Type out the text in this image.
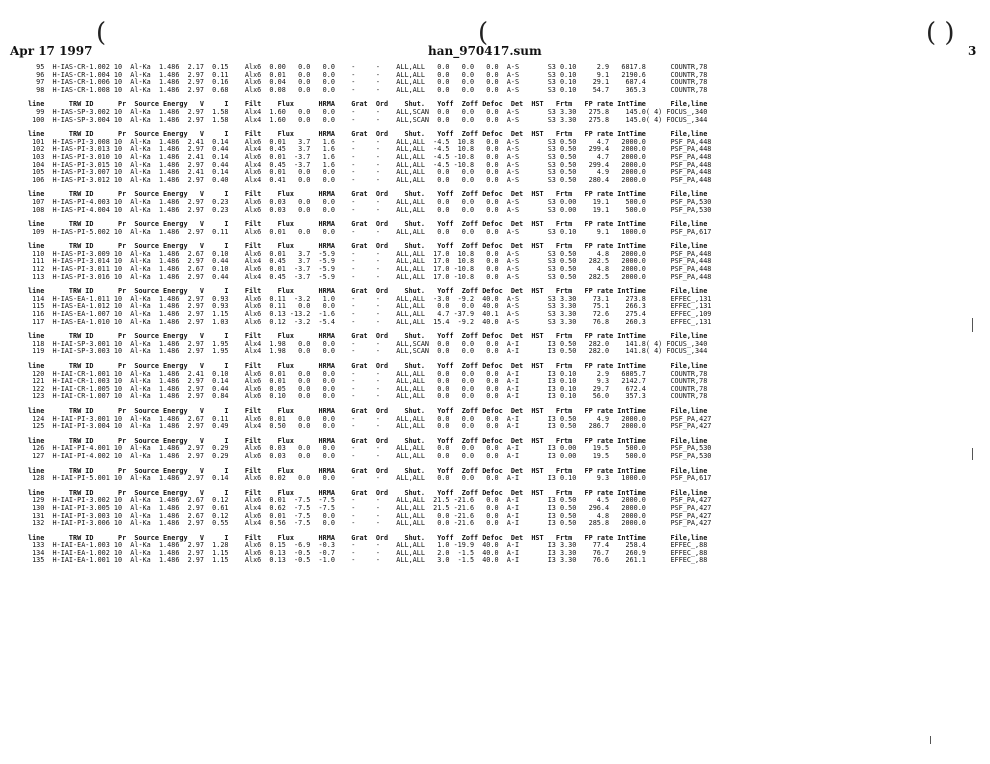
(	(	( )
Apr 17 1997	han_970417.sum	3
95  H-IAS-CR-1.002 10  Al-Ka  1.486  2.17  0.15    Alx6  0.00   0.0   0.0    -     -    ALL,ALL   0.0   0.0   0.0  A-S       S3 0.10     2.9   6817.8      COUNTR,78
96  H-IAS-CR-1.004 10  Al-Ka  1.486  2.97  0.11    Alx6  0.01   0.0   0.0    -     -    ALL,ALL   0.0   0.0   0.0  A-S       S3 0.10     9.1   2190.6      COUNTR,78
97  H-IAS-CR-1.006 10  Al-Ka  1.486  2.97  0.16    Alx6  0.04   0.0   0.0    -     -    ALL,ALL   0.0   0.0   0.0  A-S       S3 0.10    29.1    687.4      COUNTR,78
98  H-IAS-CR-1.008 10  Al-Ka  1.486  2.97  0.68    Alx6  0.08   0.0   0.0    -     -    ALL,ALL   0.0   0.0   0.0  A-S       S3 0.10    54.7    365.3      COUNTR,78
line      TRW ID      Pr  Source Energy   V     I    Filt    Flux      HRMA    Grat  Ord    Shut.   Yoff  Zoff Defoc  Det  HST   Frtm   FP rate IntTime      File,line
99  H-IAS-SP-3.002 10  Al-Ka  1.486  2.97  1.58    Alx4  1.60   0.0   0.0    -     -    ALL,SCAN  0.0   0.0   0.0  A-S       S3 3.30   275.8    145.0( 4) FOCUS_,340
100  H-IAS-SP-3.004 10  Al-Ka  1.486  2.97  1.58    Alx4  1.60   0.0   0.0    -     -    ALL,SCAN  0.0   0.0   0.0  A-S       S3 3.30   275.8    145.0( 4) FOCUS_,344
line      TRW ID      Pr  Source Energy   V     I    Filt    Flux      HRMA    Grat  Ord    Shut.   Yoff  Zoff Defoc  Det  HST   Frtm   FP rate IntTime      File,line
101  H-IAS-PI-3.008 10  Al-Ka  1.486  2.41  0.14    Alx6  0.01   3.7   1.6    -     -    ALL,ALL  -4.5  10.8   0.0  A-S       S3 0.50     4.7   2000.0      PSF_PA,448
102  H-IAS-PI-3.013 10  Al-Ka  1.486  2.97  0.44    Alx4  0.45   3.7   1.6    -     -    ALL,ALL  -4.5  10.8   0.0  A-S       S3 0.50   299.4   2000.0      PSF_PA,448
103  H-IAS-PI-3.010 10  Al-Ka  1.486  2.41  0.14    Alx6  0.01  -3.7   1.6    -     -    ALL,ALL  -4.5 -10.8   0.0  A-S       S3 0.50     4.7   2000.0      PSF_PA,448
104  H-IAS-PI-3.015 10  Al-Ka  1.486  2.97  0.44    Alx4  0.45  -3.7   1.6    -     -    ALL,ALL  -4.5 -10.8   0.0  A-S       S3 0.50   299.4   2000.0      PSF_PA,448
105  H-IAS-PI-3.007 10  Al-Ka  1.486  2.41  0.14    Alx6  0.01   0.0   0.0    -     -    ALL,ALL   0.0   0.0   0.0  A-S       S3 0.50     4.9   2000.0      PSF_PA,448
106  H-IAS-PI-3.012 10  Al-Ka  1.486  2.97  0.40    Alx4  0.41   0.0   0.0    -     -    ALL,ALL   0.0   0.0   0.0  A-S       S3 0.50   280.4   2000.0      PSF_PA,448
line      TRW ID      Pr  Source Energy   V     I    Filt    Flux      HRMA    Grat  Ord    Shut.   Yoff  Zoff Defoc  Det  HST   Frtm   FP rate IntTime      File,line
107  H-IAS-PI-4.003 10  Al-Ka  1.486  2.97  0.23    Alx6  0.03   0.0   0.0    -     -    ALL,ALL   0.0   0.0   0.0  A-S       S3 0.00    19.1    500.0      PSF_PA,530
108  H-IAS-PI-4.004 10  Al-Ka  1.486  2.97  0.23    Alx6  0.03   0.0   0.0    -     -    ALL,ALL   0.0   0.0   0.0  A-S       S3 0.00    19.1    500.0      PSF_PA,530
line      TRW ID      Pr  Source Energy   V     I    Filt    Flux      HRMA    Grat  Ord    Shut.   Yoff  Zoff Defoc  Det  HST   Frtm   FP rate IntTime      File,line
109  H-IAS-PI-5.002 10  Al-Ka  1.486  2.97  0.11    Alx6  0.01   0.0   0.0    -     -    ALL,ALL   0.0   0.0   0.0  A-S       S3 0.10     9.1   1000.0      PSF_PA,617
line      TRW ID      Pr  Source Energy   V     I    Filt    Flux      HRMA    Grat  Ord    Shut.   Yoff  Zoff Defoc  Det  HST   Frtm   FP rate IntTime      File,line
110  H-IAS-PI-3.009 10  Al-Ka  1.486  2.67  0.10    Alx6  0.01   3.7  -5.9    -     -    ALL,ALL  17.0  10.8   0.0  A-S       S3 0.50     4.8   2000.0      PSF_PA,448
111  H-IAS-PI-3.014 10  Al-Ka  1.486  2.97  0.44    Alx4  0.45   3.7  -5.9    -     -    ALL,ALL  17.0  10.8   0.0  A-S       S3 0.50   282.5   2000.0      PSF_PA,448
112  H-IAS-PI-3.011 10  Al-Ka  1.486  2.67  0.10    Alx6  0.01  -3.7  -5.9    -     -    ALL,ALL  17.0 -10.8   0.0  A-S       S3 0.50     4.8   2000.0      PSF_PA,448
113  H-IAS-PI-3.016 10  Al-Ka  1.486  2.97  0.44    Alx4  0.45  -3.7  -5.9    -     -    ALL,ALL  17.0 -10.8   0.0  A-S       S3 0.50   282.5   2000.0      PSF_PA,448
line      TRW ID      Pr  Source Energy   V     I    Filt    Flux      HRMA    Grat  Ord    Shut.   Yoff  Zoff Defoc  Det  HST   Frtm   FP rate IntTime      File,line
114  H-IAS-EA-1.011 10  Al-Ka  1.486  2.97  0.93    Alx6  0.11  -3.2   1.0    -     -    ALL,ALL  -3.0  -9.2  40.0  A-S       S3 3.30    73.1    273.8      EFFEC_,131
115  H-IAS-EA-1.012 10  Al-Ka  1.486  2.97  0.93    Alx6  0.11   0.0   0.0    -     -    ALL,ALL   0.0   0.0  40.0  A-S       S3 3.30    75.1    266.3      EFFEC_,131
116  H-IAS-EA-1.007 10  Al-Ka  1.486  2.97  1.15    Alx6  0.13 -13.2  -1.6    -     -    ALL,ALL   4.7 -37.9  40.1  A-S       S3 3.30    72.6    275.4      EFFEC_,109
117  H-IAS-EA-1.010 10  Al-Ka  1.486  2.97  1.03    Alx6  0.12  -3.2  -5.4    -     -    ALL,ALL  15.4  -9.2  40.0  A-S       S3 3.30    76.8    260.3      EFFEC_,131
line      TRW ID      Pr  Source Energy   V     I    Filt    Flux      HRMA    Grat  Ord    Shut.   Yoff  Zoff Defoc  Det  HST   Frtm   FP rate IntTime      File,line
118  H-IAI-SP-3.001 10  Al-Ka  1.486  2.97  1.95    Alx4  1.98   0.0   0.0    -     -    ALL,SCAN  0.0   0.0   0.0  A-I       I3 0.50   282.0    141.8( 4) FOCUS_,340
119  H-IAI-SP-3.003 10  Al-Ka  1.486  2.97  1.95    Alx4  1.98   0.0   0.0    -     -    ALL,SCAN  0.0   0.0   0.0  A-I       I3 0.50   282.0    141.8( 4) FOCUS_,344
line      TRW ID      Pr  Source Energy   V     I    Filt    Flux      HRMA    Grat  Ord    Shut.   Yoff  Zoff Defoc  Det  HST   Frtm   FP rate IntTime      File,line
120  H-IAI-CR-1.001 10  Al-Ka  1.486  2.41  0.10    Alx6  0.01   0.0   0.0    -     -    ALL,ALL   0.0   0.0   0.0  A-I       I3 0.10     2.9   6805.7      COUNTR,78
121  H-IAI-CR-1.003 10  Al-Ka  1.486  2.97  0.14    Alx6  0.01   0.0   0.0    -     -    ALL,ALL   0.0   0.0   0.0  A-I       I3 0.10     9.3   2142.7      COUNTR,78
122  H-IAI-CR-1.005 10  Al-Ka  1.486  2.97  0.44    Alx6  0.05   0.0   0.0    -     -    ALL,ALL   0.0   0.0   0.0  A-I       I3 0.10    29.7    672.4      COUNTR,78
123  H-IAI-CR-1.007 10  Al-Ka  1.486  2.97  0.84    Alx6  0.10   0.0   0.0    -     -    ALL,ALL   0.0   0.0   0.0  A-I       I3 0.10    56.0    357.3      COUNTR,78
line      TRW ID      Pr  Source Energy   V     I    Filt    Flux      HRMA    Grat  Ord    Shut.   Yoff  Zoff Defoc  Det  HST   Frtm   FP rate IntTime      File,line
124  H-IAI-PI-3.001 10  Al-Ka  1.486  2.67  0.11    Alx6  0.01   0.0   0.0    -     -    ALL,ALL   0.0   0.0   0.0  A-I       I3 0.50     4.9   2000.0      PSF_PA,427
125  H-IAI-PI-3.004 10  Al-Ka  1.486  2.97  0.49    Alx4  0.50   0.0   0.0    -     -    ALL,ALL   0.0   0.0   0.0  A-I       I3 0.50   286.7   2000.0      PSF_PA,427
line      TRW ID      Pr  Source Energy   V     I    Filt    Flux      HRMA    Grat  Ord    Shut.   Yoff  Zoff Defoc  Det  HST   Frtm   FP rate IntTime      File,line
126  H-IAI-PI-4.001 10  Al-Ka  1.486  2.97  0.29    Alx6  0.03   0.0   0.0    -     -    ALL,ALL   0.0   0.0   0.0  A-I       I3 0.00    19.5    500.0      PSF_PA,530
127  H-IAI-PI-4.002 10  Al-Ka  1.486  2.97  0.29    Alx6  0.03   0.0   0.0    -     -    ALL,ALL   0.0   0.0   0.0  A-I       I3 0.00    19.5    500.0      PSF_PA,530
line      TRW ID      Pr  Source Energy   V     I    Filt    Flux      HRMA    Grat  Ord    Shut.   Yoff  Zoff Defoc  Det  HST   Frtm   FP rate IntTime      File,line
128  H-IAI-PI-5.001 10  Al-Ka  1.486  2.97  0.14    Alx6  0.02   0.0   0.0    -     -    ALL,ALL   0.0   0.0   0.0  A-I       I3 0.10     9.3   1000.0      PSF_PA,617
line      TRW ID      Pr  Source Energy   V     I    Filt    Flux      HRMA    Grat  Ord    Shut.   Yoff  Zoff Defoc  Det  HST   Frtm   FP rate IntTime      File,line
129  H-IAI-PI-3.002 10  Al-Ka  1.486  2.67  0.12    Alx6  0.01  -7.5  -7.5    -     -    ALL,ALL  21.5 -21.6   0.0  A-I       I3 0.50     4.5   2000.0      PSF_PA,427
130  H-IAI-PI-3.005 10  Al-Ka  1.486  2.97  0.61    Alx4  0.62  -7.5  -7.5    -     -    ALL,ALL  21.5 -21.6   0.0  A-I       I3 0.50   296.4   2000.0      PSF_PA,427
131  H-IAI-PI-3.003 10  Al-Ka  1.486  2.67  0.12    Alx6  0.01  -7.5   0.0    -     -    ALL,ALL   0.0 -21.6   0.0  A-I       I3 0.50     4.8   2000.0      PSF_PA,427
132  H-IAI-PI-3.006 10  Al-Ka  1.486  2.97  0.55    Alx4  0.56  -7.5   0.0    -     -    ALL,ALL   0.0 -21.6   0.0  A-I       I3 0.50   285.8   2000.0      PSF_PA,427
line      TRW ID      Pr  Source Energy   V     I    Filt    Flux      HRMA    Grat  Ord    Shut.   Yoff  Zoff Defoc  Det  HST   Frtm   FP rate IntTime      File,line
133  H-IAI-EA-1.003 10  Al-Ka  1.486  2.97  1.28    Alx6  0.15  -6.9  -0.3    -     -    ALL,ALL   1.0 -19.9  40.0  A-I       I3 3.30    77.4    258.4      EFFEC_,88
134  H-IAI-EA-1.002 10  Al-Ka  1.486  2.97  1.15    Alx6  0.13  -0.5  -0.7    -     -    ALL,ALL   2.0  -1.5  40.0  A-I       I3 3.30    76.7    260.9      EFFEC_,88
135  H-IAI-EA-1.001 10  Al-Ka  1.486  2.97  1.15    Alx6  0.13  -0.5  -1.0    -     -    ALL,ALL   3.0  -1.5  40.0  A-I       I3 3.30    76.6    261.1      EFFEC_,88
